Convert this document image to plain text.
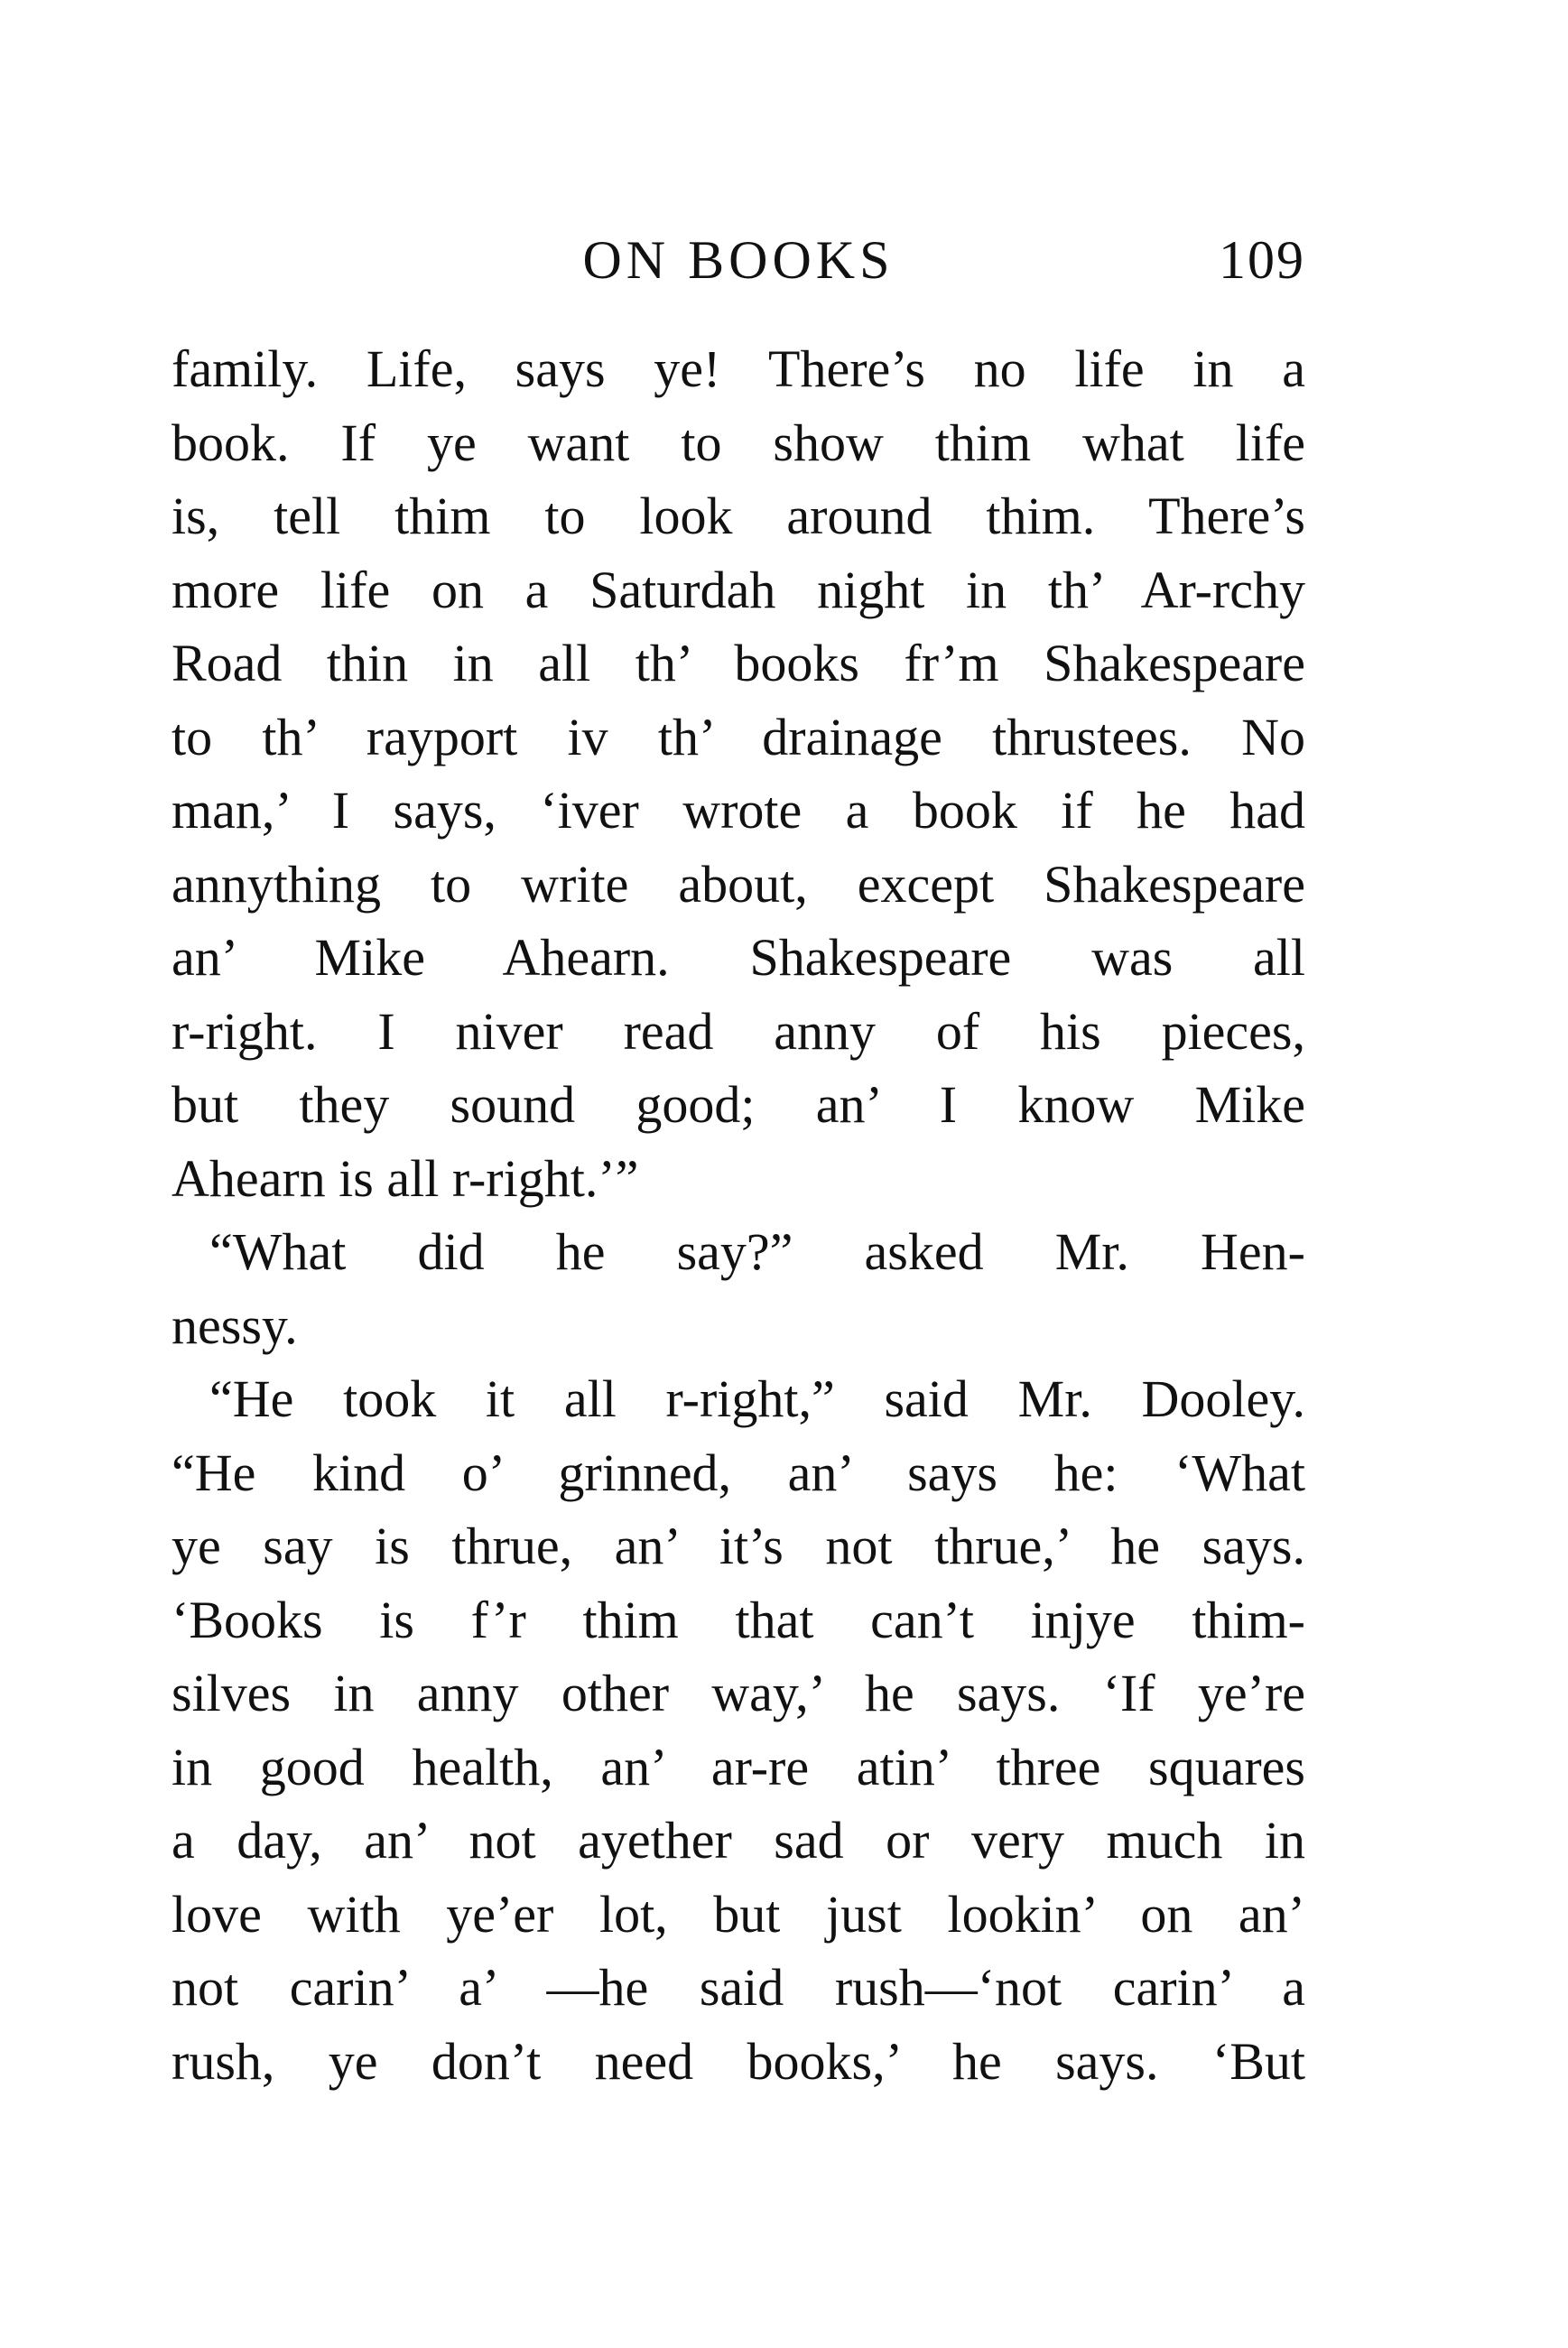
ON BOOKS	109
family. Life, says ye! There’s no life in a
book. If ye want to show thim what life
is, tell thim to look around thim. There’s
more life on a Saturdah night in th’ Ar-rchy
Road thin in all th’ books fr’m Shakespeare
to th’ rayport iv th’ drainage thrustees. No
man,’ I says, ‘iver wrote a book if he had
annything to write about, except Shakespeare
an’ Mike Ahearn. Shakespeare was all
r-right. I niver read anny of his pieces,
but they sound good; an’ I know Mike
Ahearn is all r-right.’”
“What did he say?” asked Mr. Hen-
nessy.
“He took it all r-right,” said Mr. Dooley.
“He kind o’ grinned, an’ says he: ‘What
ye say is thrue, an’ it’s not thrue,’ he says.
‘Books is f’r thim that can’t injye thim-
silves in anny other way,’ he says. ‘If ye’re
in good health, an’ ar-re atin’ three squares
a day, an’ not ayether sad or very much in
love with ye’er lot, but just lookin’ on an’
not carin’ a’ —he said rush—‘not carin’ a
rush, ye don’t need books,’ he says. ‘But
